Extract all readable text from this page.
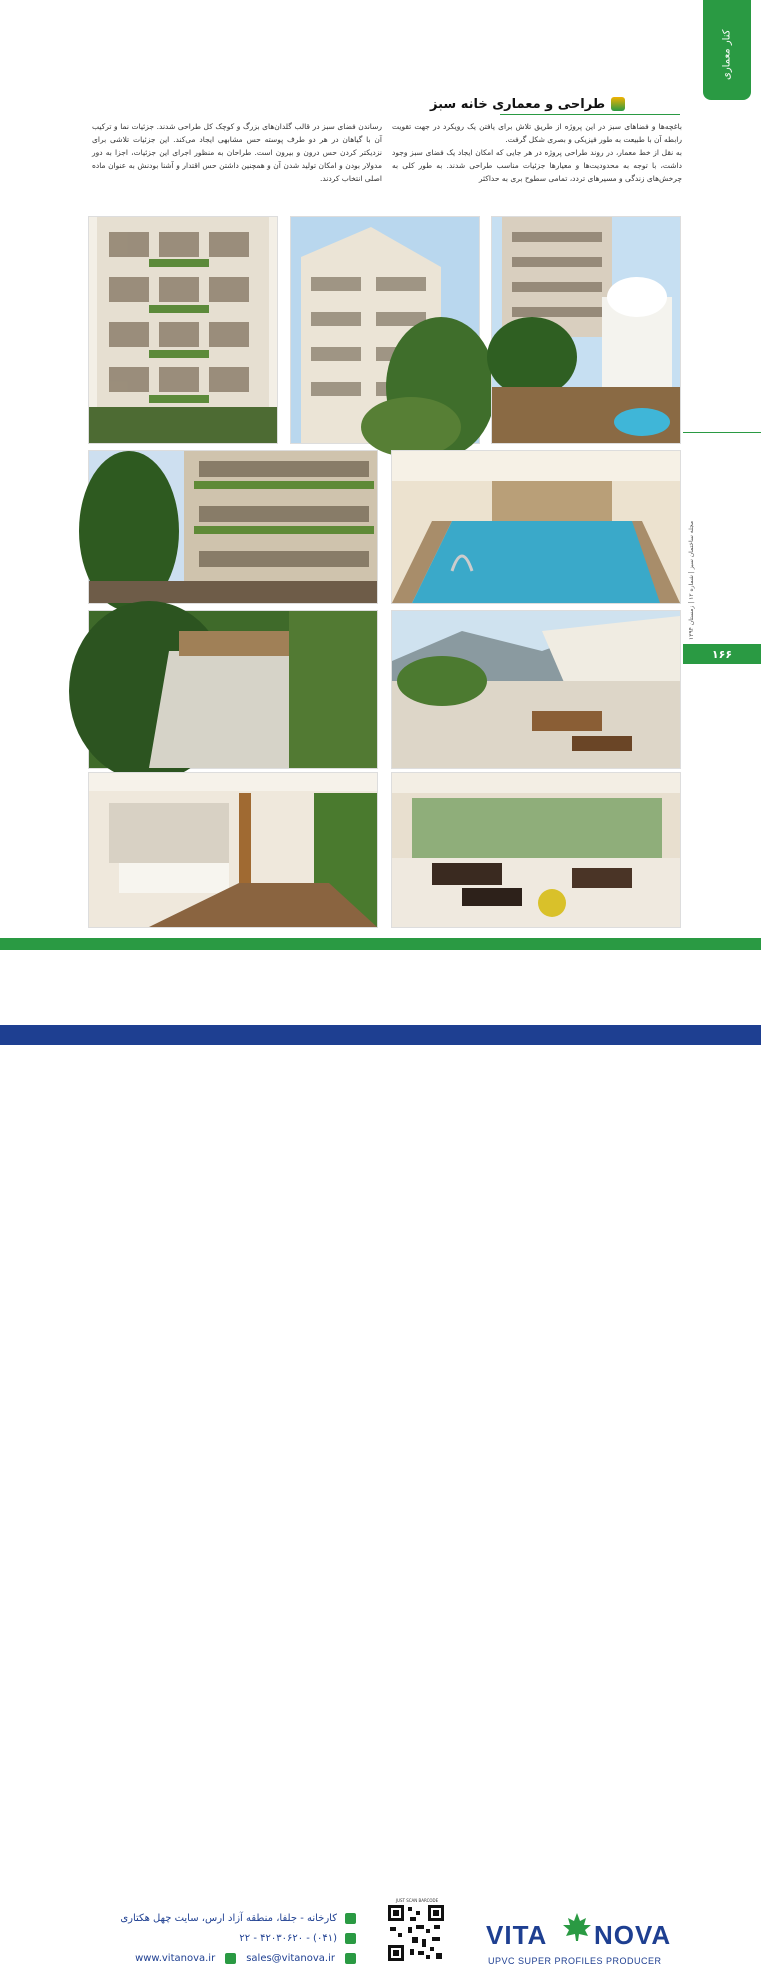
کنار معماری
مجله ساختمان سبز | شماره ۱۲ | زمستان ۱۳۹۴
۱۶۶
طراحی و معماری خانه سبز

باغچه‌ها و فضاهای سبز در این پروژه از طریق تلاش برای یافتن یک رویکرد در جهت تقویت رابطه آن با طبیعت به طور فیزیکی و بصری شکل گرفت.

به نقل از خط معمار، در روند طراحی پروژه در هر جایی که امکان ایجاد یک فضای سبز وجود داشت، با توجه به محدودیت‌ها و معیارها جزئیات مناسب طراحی شدند. به طور کلی به چرخش‌های زندگی و مسیرهای تردد، تمامی سطوح بری به حداکثر

رساندن فضای سبز در قالب گلدان‌های بزرگ و کوچک کل طراحی شدند. جزئیات نما و ترکیب آن با گیاهان در هر دو طرف پوسته حس مشابهی ایجاد می‌کند. این جزئیات تلاشی برای نزدیکتر کردن حس درون و بیرون است. طراحان به منظور اجرای این جزئیات، اجزا به دور مدولار بودن و امکان تولید شدن آن و همچنین داشتن حس اقتدار و آشنا بودنش به عنوان ماده اصلی انتخاب کردند.

کارخانه - جلفا، منطقه آزاد ارس، سایت چهل هکتاری
(۰۴۱) - ۴۲۰۳۰۶۲۰ - ۲۲
www.vitanova.ir	sales@vitanova.ir
JUST SCAN BARCODE
VITA NOVA
UPVC SUPER PROFILES PRODUCER
